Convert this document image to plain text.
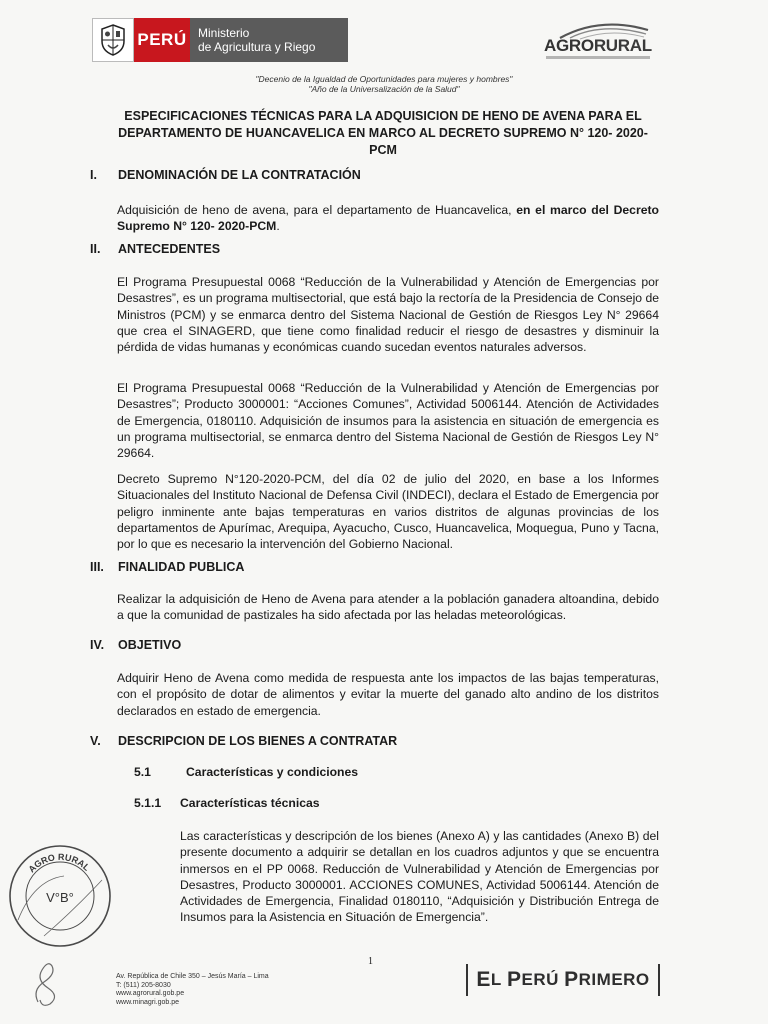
PERÚ Ministerio
de Agricultura y Riego	AGRORURAL
"Decenio de la Igualdad de Oportunidades para mujeres y hombres"
"Año de la Universalización de la Salud"
ESPECIFICACIONES TÉCNICAS PARA LA ADQUISICION DE HENO DE AVENA PARA EL
DEPARTAMENTO DE HUANCAVELICA EN MARCO AL DECRETO SUPREMO N° 120- 2020-
PCM
I. DENOMINACIÓN DE LA CONTRATACIÓN
Adquisición de heno de avena, para el departamento de Huancavelica, en el marco del Decreto Supremo N° 120- 2020-PCM.
II. ANTECEDENTES
El Programa Presupuestal 0068 “Reducción de la Vulnerabilidad y Atención de Emergencias por Desastres”, es un programa multisectorial, que está bajo la rectoría de la Presidencia de Consejo de Ministros (PCM) y se enmarca dentro del Sistema Nacional de Gestión de Riesgos Ley N° 29664 que crea el SINAGERD, que tiene como finalidad reducir el riesgo de desastres y disminuir la pérdida de vidas humanas y económicas cuando sucedan eventos naturales adversos.
El Programa Presupuestal 0068 “Reducción de la Vulnerabilidad y Atención de Emergencias por Desastres”; Producto 3000001: “Acciones Comunes”, Actividad 5006144. Atención de Actividades de Emergencia, 0180110. Adquisición de insumos para la asistencia en situación de emergencia es un programa multisectorial, se enmarca dentro del Sistema Nacional de Gestión de Riesgos Ley N° 29664.
Decreto Supremo N°120-2020-PCM, del día 02 de julio del 2020, en base a los Informes Situacionales del Instituto Nacional de Defensa Civil (INDECI), declara el Estado de Emergencia por peligro inminente ante bajas temperaturas en varios distritos de algunas provincias de los departamentos de Apurímac, Arequipa, Ayacucho, Cusco, Huancavelica, Moquegua, Puno y Tacna, por lo que es necesario la intervención del Gobierno Nacional.
III. FINALIDAD PUBLICA
Realizar la adquisición de Heno de Avena para atender a la población ganadera altoandina, debido a que la comunidad de pastizales ha sido afectada por las heladas meteorológicas.
IV. OBJETIVO
Adquirir Heno de Avena como medida de respuesta ante los impactos de las bajas temperaturas, con el propósito de dotar de alimentos y evitar la muerte del ganado alto andino de los distritos declarados en estado de emergencia.
V. DESCRIPCION DE LOS BIENES A CONTRATAR
5.1	Características y condiciones
5.1.1 Características técnicas
Las características y descripción de los bienes (Anexo A) y las cantidades (Anexo B) del presente documento a adquirir se detallan en los cuadros adjuntos y que se encuentra inmersos en el PP 0068. Reducción de Vulnerabilidad y Atención de Emergencias por Desastres, Producto 3000001. ACCIONES COMUNES, Actividad 5006144. Atención de Actividades de Emergencia, Finalidad 0180110, “Adquisición y Distribución Entrega de Insumos para la Asistencia en Situación de Emergencia”.
AGRO RURAL
V°B°
Av. República de Chile 350 – Jesús María – Lima
T: (511) 205-8030
www.agrorural.gob.pe
www.minagri.gob.pe
1
E L
P ERÚ
P RIMERO
